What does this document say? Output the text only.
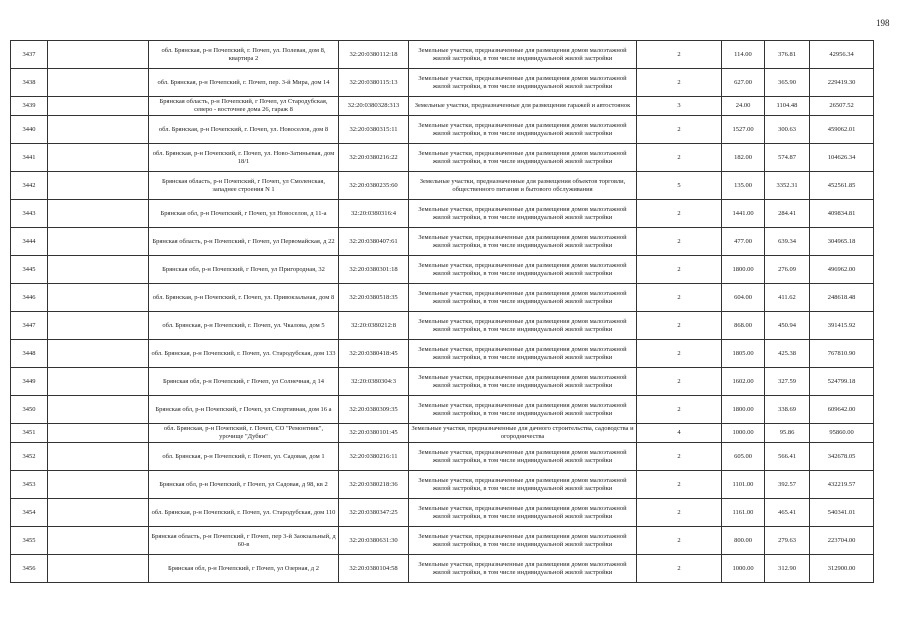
198
3437		обл. Брянская, р-н Почепский, г. Почеп, ул. Полевая, дом 8, квартира 2	32:20:0380112:18	Земельные участки, предназначенные для размещения домов малоэтажной жилой застройки, в том числе индивидуальной жилой застройки	2	114.00	376.81	42956.34
3438		обл. Брянская, р-н Почепский, г. Почеп, пер. 3-й Мира, дом 14	32:20:0380115:13	Земельные участки, предназначенные для размещения домов малоэтажной жилой застройки, в том числе индивидуальной жилой застройки	2	627.00	365.90	229419.30
3439		Брянская область, р-н Почепский, г Почеп, ул Стародубская, северо - восточнее дома 26, гараж 8	32:20:0380328:313	Земельные участки, предназначенные для размещения гаражей и автостоянок	3	24.00	1104.48	26507.52
3440		обл. Брянская, р-н Почепский, г. Почеп, ул. Новоселов, дом 8	32:20:0380315:11	Земельные участки, предназначенные для размещения домов малоэтажной жилой застройки, в том числе индивидуальной жилой застройки	2	1527.00	300.63	459062.01
3441		обл. Брянская, р-н Почепский, г. Почеп, ул. Ново-Затиньевая, дом 18/1	32:20:0380216:22	Земельные участки, предназначенные для размещения домов малоэтажной жилой застройки, в том числе индивидуальной жилой застройки	2	182.00	574.87	104626.34
3442		Брянская область, р-н Почепский, г Почеп, ул Смоленская, западнее строения N 1	32:20:0380235:60	Земельные участки, предназначенные для размещения объектов торговли, общественного питания и бытового обслуживания	5	135.00	3352.31	452561.85
3443		Брянская обл, р-н Почепский, г Почеп, ул Новоселов, д 11-а	32:20:0380316:4	Земельные участки, предназначенные для размещения домов малоэтажной жилой застройки, в том числе индивидуальной жилой застройки	2	1441.00	284.41	409834.81
3444		Брянская область, р-н Почепский, г Почеп, ул Первомайская, д 22	32:20:0380407:61	Земельные участки, предназначенные для размещения домов малоэтажной жилой застройки, в том числе индивидуальной жилой застройки	2	477.00	639.34	304965.18
3445		Брянская обл, р-н Почепский, г Почеп, ул Пригородная, 32	32:20:0380301:18	Земельные участки, предназначенные для размещения домов малоэтажной жилой застройки, в том числе индивидуальной жилой застройки	2	1800.00	276.09	496962.00
3446		обл. Брянская, р-н Почепский, г. Почеп, ул. Привокзальная, дом 8	32:20:0380518:35	Земельные участки, предназначенные для размещения домов малоэтажной жилой застройки, в том числе индивидуальной жилой застройки	2	604.00	411.62	248618.48
3447		обл. Брянская, р-н Почепский, г. Почеп, ул. Чкалова, дом 5	32:20:0380212:8	Земельные участки, предназначенные для размещения домов малоэтажной жилой застройки, в том числе индивидуальной жилой застройки	2	868.00	450.94	391415.92
3448		обл. Брянская, р-н Почепский, г. Почеп, ул. Стародубская, дом 133	32:20:0380418:45	Земельные участки, предназначенные для размещения домов малоэтажной жилой застройки, в том числе индивидуальной жилой застройки	2	1805.00	425.38	767810.90
3449		Брянская обл, р-н Почепский, г Почеп, ул Солнечная, д 14	32:20:0380304:3	Земельные участки, предназначенные для размещения домов малоэтажной жилой застройки, в том числе индивидуальной жилой застройки	2	1602.00	327.59	524799.18
3450		Брянская обл, р-н Почепский, г Почеп, ул Спортивная, дом 16 а	32:20:0380309:35	Земельные участки, предназначенные для размещения домов малоэтажной жилой застройки, в том числе индивидуальной жилой застройки	2	1800.00	338.69	609642.00
3451		обл. Брянская, р-н Почепский, г. Почеп, СО "Ремонтник", урочище "Дубки"	32:20:0380101:45	Земельные участки, предназначенные для дачного строительства, садоводства и огородничества	4	1000.00	95.86	95860.00
3452		обл. Брянская, р-н Почепский, г. Почеп, ул. Садовая, дом 1	32:20:0380216:11	Земельные участки, предназначенные для размещения домов малоэтажной жилой застройки, в том числе индивидуальной жилой застройки	2	605.00	566.41	342678.05
3453		Брянская обл, р-н Почепский, г Почеп, ул Садовая, д 98, кв 2	32:20:0380218:36	Земельные участки, предназначенные для размещения домов малоэтажной жилой застройки, в том числе индивидуальной жилой застройки	2	1101.00	392.57	432219.57
3454		обл. Брянская, р-н Почепский, г. Почеп, ул. Стародубская, дом 110	32:20:0380347:25	Земельные участки, предназначенные для размещения домов малоэтажной жилой застройки, в том числе индивидуальной жилой застройки	2	1161.00	465.41	540341.01
3455		Брянская область, р-н Почепский, г Почеп, пер 3-й Заокзальный, д 60-в	32:20:0380631:30	Земельные участки, предназначенные для размещения домов малоэтажной жилой застройки, в том числе индивидуальной жилой застройки	2	800.00	279.63	223704.00
3456		Брянская обл, р-н Почепский, г Почеп, ул Озерная, д 2	32:20:0380104:58	Земельные участки, предназначенные для размещения домов малоэтажной жилой застройки, в том числе индивидуальной жилой застройки	2	1000.00	312.90	312900.00
